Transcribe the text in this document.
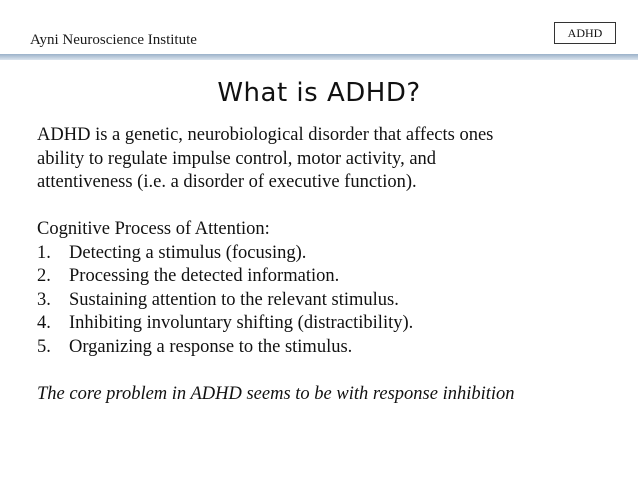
Ayni Neuroscience Institute	ADHD
What is ADHD?
ADHD is a genetic, neurobiological disorder that affects ones
ability to regulate impulse control, motor activity, and
attentiveness (i.e. a disorder of executive function).
Cognitive Process of Attention:
1. Detecting a stimulus (focusing).
2. Processing the detected information.
3. Sustaining attention to the relevant stimulus.
4. Inhibiting involuntary shifting (distractibility).
5. Organizing a response to the stimulus.
The core problem in ADHD seems to be with response inhibition
